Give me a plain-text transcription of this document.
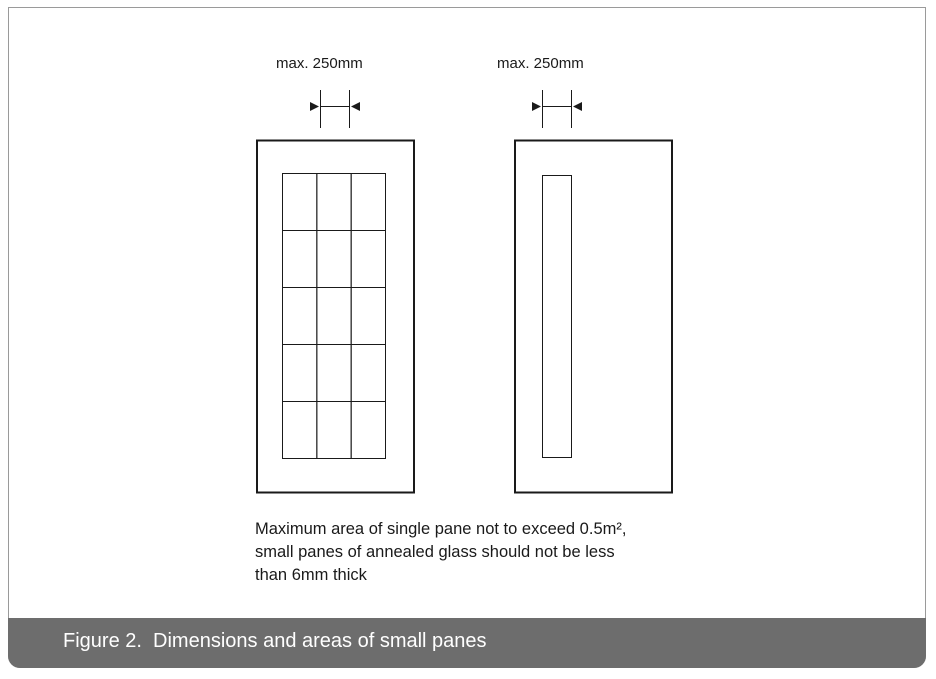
max. 250mm	max. 250mm
Maximum area of single pane not to exceed 0.5m²,
small panes of annealed glass should not be less
than 6mm thick
Figure 2.  Dimensions and areas of small panes
